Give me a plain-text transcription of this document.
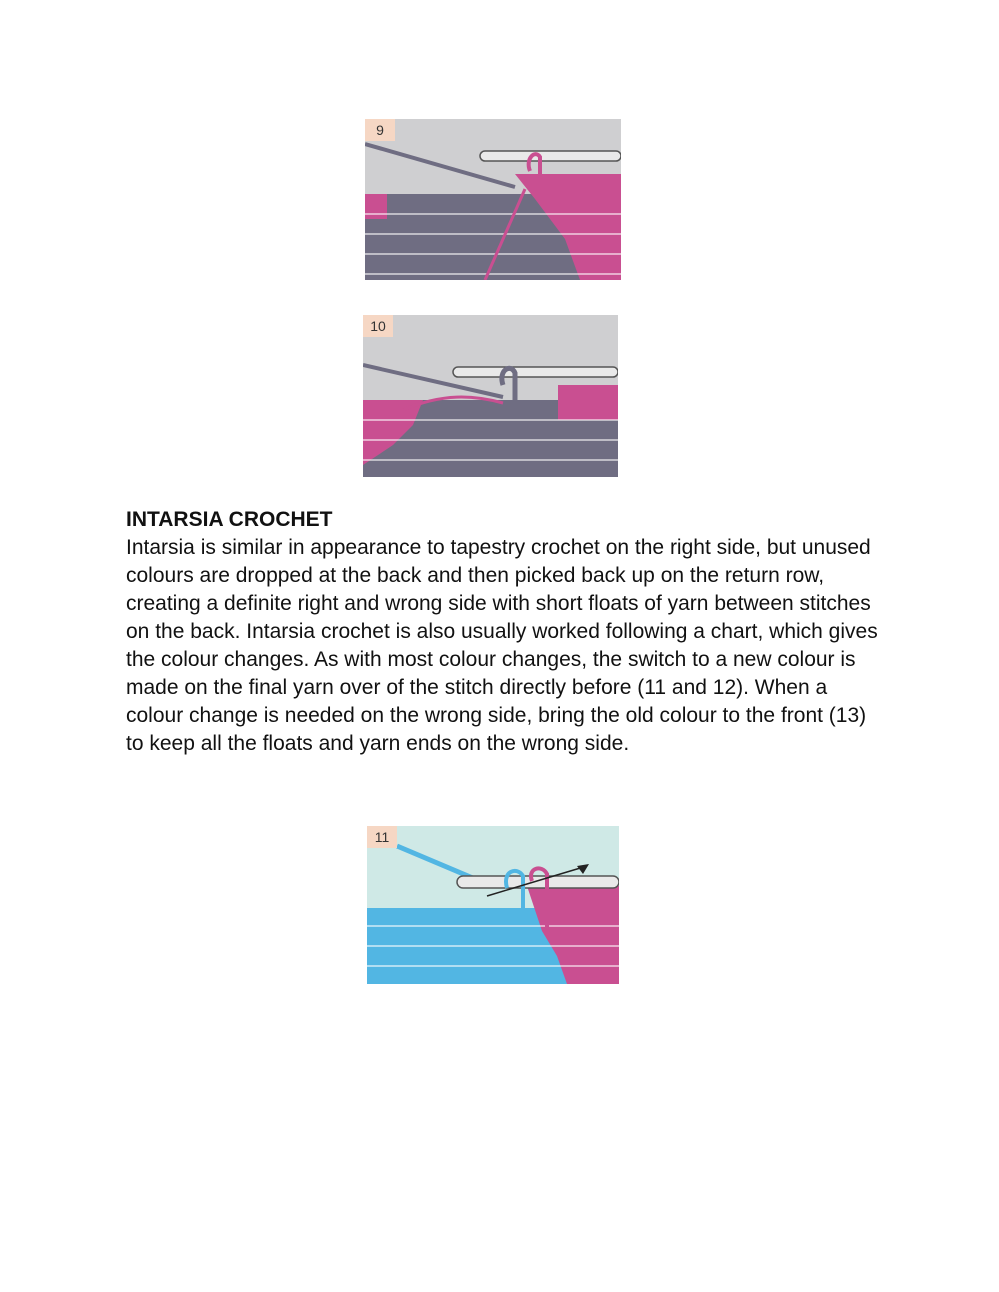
9
10
INTARSIA CROCHET

Intarsia is similar in appearance to tapestry crochet on the right side, but unused colours are dropped at the back and then picked back up on the return row, creating a definite right and wrong side with short floats of yarn between stitches on the back. Intarsia crochet is also usually worked following a chart, which gives the colour changes. As with most colour changes, the switch to a new colour is made on the final yarn over of the stitch directly before (11 and 12). When a colour change is needed on the wrong side, bring the old colour to the front (13) to keep all the floats and yarn ends on the wrong side.

11
